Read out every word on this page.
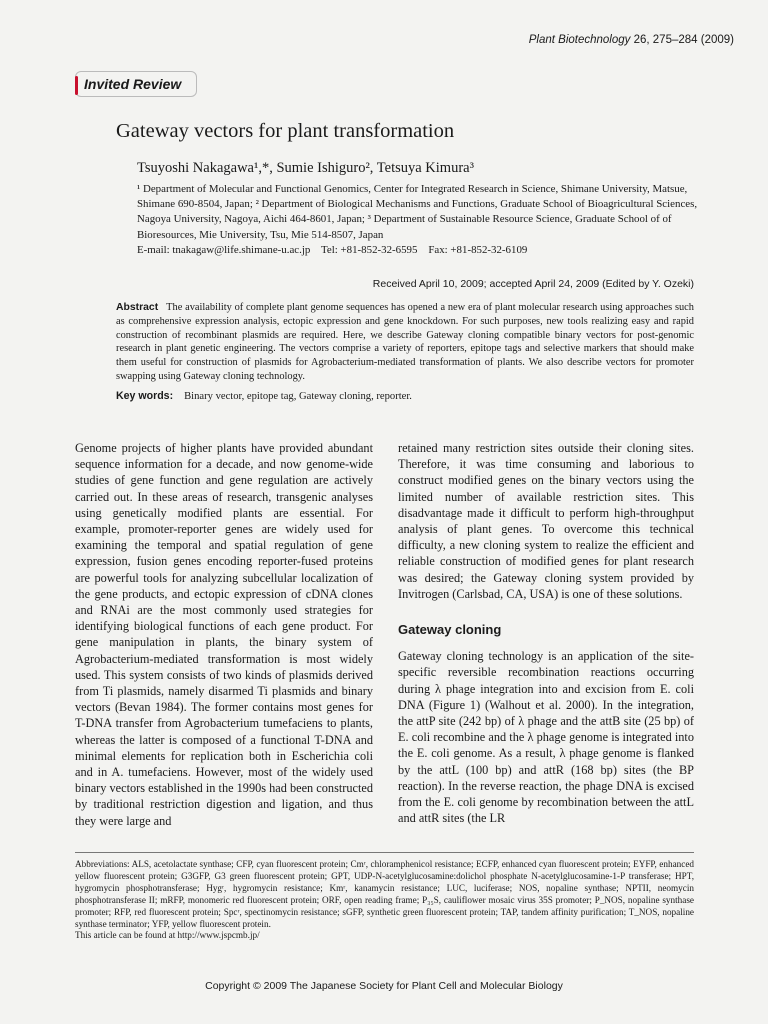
Plant Biotechnology 26, 275–284 (2009)
Invited Review
Gateway vectors for plant transformation
Tsuyoshi Nakagawa¹,*, Sumie Ishiguro², Tetsuya Kimura³
¹ Department of Molecular and Functional Genomics, Center for Integrated Research in Science, Shimane University, Matsue, Shimane 690-8504, Japan; ² Department of Biological Mechanisms and Functions, Graduate School of Bioagricultural Sciences, Nagoya University, Nagoya, Aichi 464-8601, Japan; ³ Department of Sustainable Resource Science, Graduate School of of Bioresources, Mie University, Tsu, Mie 514-8507, Japan
E-mail: tnakagaw@life.shimane-u.ac.jp    Tel: +81-852-32-6595    Fax: +81-852-32-6109
Received April 10, 2009; accepted April 24, 2009 (Edited by Y. Ozeki)
Abstract The availability of complete plant genome sequences has opened a new era of plant molecular research using approaches such as comprehensive expression analysis, ectopic expression and gene knockdown. For such purposes, new tools realizing easy and rapid construction of recombinant plasmids are required. Here, we describe Gateway cloning compatible binary vectors for post-genomic research in plant genetic engineering. The vectors comprise a variety of reporters, epitope tags and selective markers that should make them useful for construction of plasmids for Agrobacterium-mediated transformation of plants. We also describe vectors for promoter swapping using Gateway cloning technology.
Key words: Binary vector, epitope tag, Gateway cloning, reporter.

Genome projects of higher plants have provided abundant sequence information for a decade, and now genome-wide studies of gene function and gene regulation are actively carried out. In these areas of research, transgenic analyses using genetically modified plants are essential. For example, promoter-reporter genes are widely used for examining the temporal and spatial regulation of gene expression, fusion genes encoding reporter-fused proteins are powerful tools for analyzing subcellular localization of the gene products, and ectopic expression of cDNA clones and RNAi are the most commonly used strategies for identifying biological functions of each gene product. For gene manipulation in plants, the binary system of Agrobacterium-mediated transformation is most widely used. This system consists of two kinds of plasmids derived from Ti plasmids, namely disarmed Ti plasmids and binary vectors (Bevan 1984). The former contains most genes for T-DNA transfer from Agrobacterium tumefaciens to plants, whereas the latter is composed of a functional T-DNA and minimal elements for replication both in Escherichia coli and in A. tumefaciens. However, most of the widely used binary vectors established in the 1990s had been constructed by traditional restriction digestion and ligation, and thus they were large and

retained many restriction sites outside their cloning sites. Therefore, it was time consuming and laborious to construct modified genes on the binary vectors using the limited number of available restriction sites. This disadvantage made it difficult to perform high-throughput analysis of plant genes. To overcome this technical difficulty, a new cloning system to realize the efficient and reliable construction of modified genes for plant research was desired; the Gateway cloning system provided by Invitrogen (Carlsbad, CA, USA) is one of these solutions.

Gateway cloning

Gateway cloning technology is an application of the site-specific reversible recombination reactions occurring during λ phage integration into and excision from E. coli DNA (Figure 1) (Walhout et al. 2000). In the integration, the attP site (242 bp) of λ phage and the attB site (25 bp) of E. coli recombine and the λ phage genome is integrated into the E. coli genome. As a result, λ phage genome is flanked by the attL (100 bp) and attR (168 bp) sites (the BP reaction). In the reverse reaction, the phage DNA is excised from the E. coli genome by recombination between the attL and attR sites (the LR

Abbreviations: ALS, acetolactate synthase; CFP, cyan fluorescent protein; Cmʳ, chloramphenicol resistance; ECFP, enhanced cyan fluorescent protein; EYFP, enhanced yellow fluorescent protein; G3GFP, G3 green fluorescent protein; GPT, UDP-N-acetylglucosamine:dolichol phosphate N-acetylglucosamine-1-P transferase; HPT, hygromycin phosphotransferase; Hygʳ, hygromycin resistance; Kmʳ, kanamycin resistance; LUC, luciferase; NOS, nopaline synthase; NPTII, neomycin phosphotransferase II; mRFP, monomeric red fluorescent protein; ORF, open reading frame; P₃₅S, cauliflower mosaic virus 35S promoter; P_NOS, nopaline synthase promoter; RFP, red fluorescent protein; Spcʳ, spectinomycin resistance; sGFP, synthetic green fluorescent protein; TAP, tandem affinity purification; T_NOS, nopaline synthase terminator; YFP, yellow fluorescent protein.
This article can be found at http://www.jspcmb.jp/
Copyright © 2009 The Japanese Society for Plant Cell and Molecular Biology
